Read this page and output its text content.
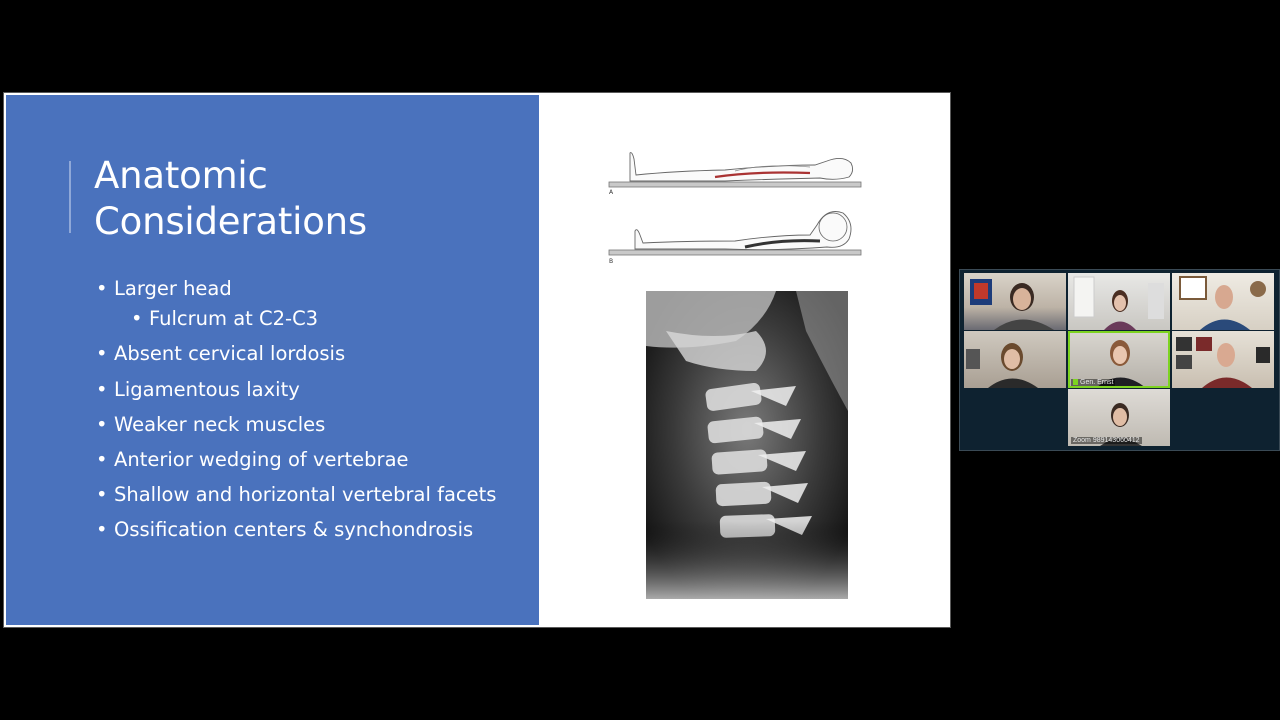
Anatomic
Considerations
• Larger head
• Fulcrum at C2-C3
• Absent cervical lordosis
• Ligamentous laxity
• Weaker neck muscles
• Anterior wedging of vertebrae
• Shallow and horizontal vertebral facets
• Ossification centers & synchondrosis
A
B
Gen. Ernst
Zoom 989143060412
